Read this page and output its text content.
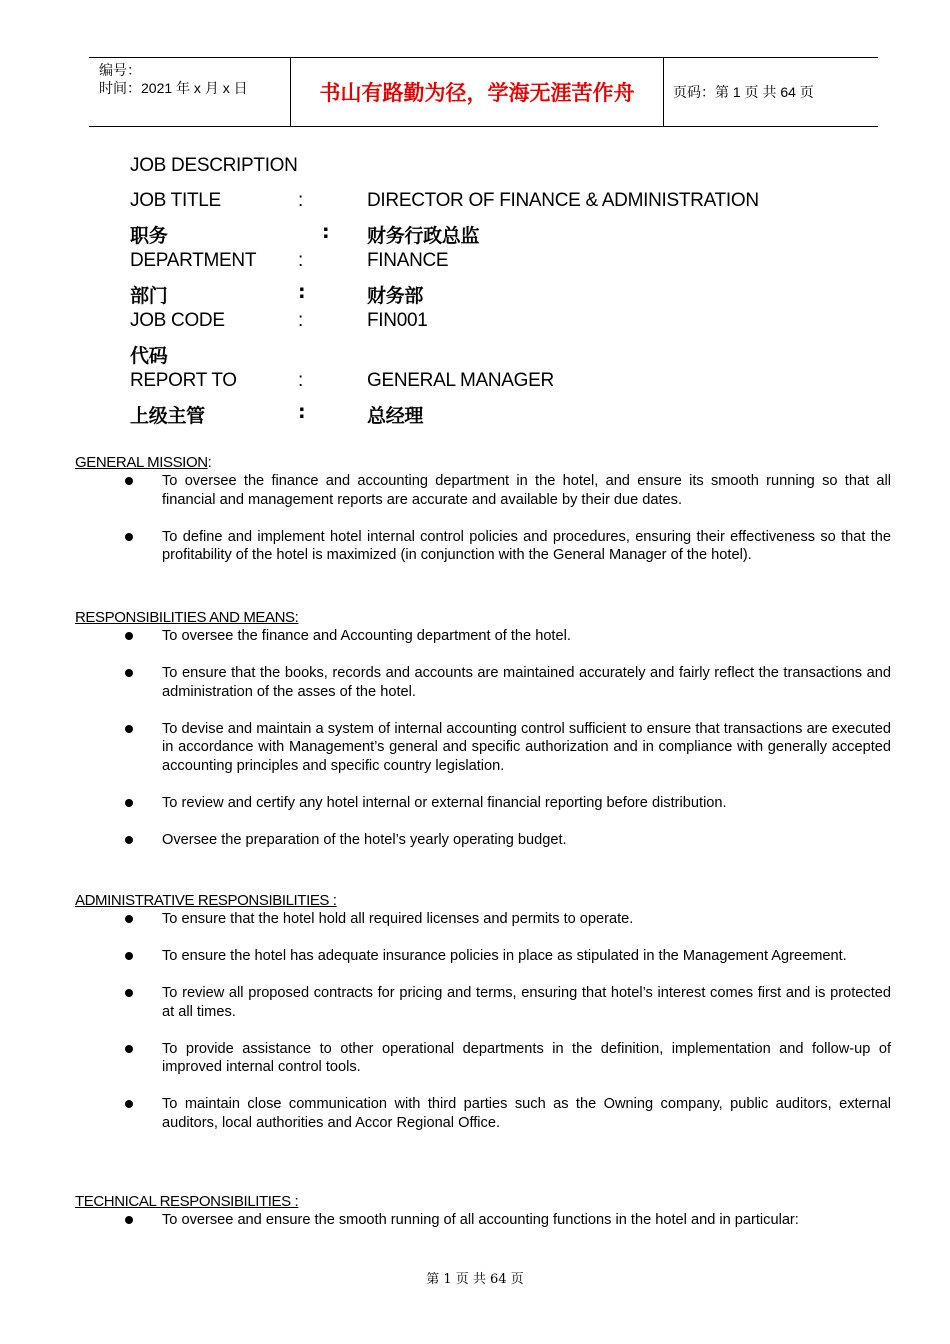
编号：
时间：2021 年 x 月 x 日	书山有路勤为径，学海无涯苦作舟	页码：第 1 页 共 64 页
JOB DESCRIPTION
JOB TITLE	:	DIRECTOR OF FINANCE & ADMINISTRATION
职务	: 财务行政总监
DEPARTMENT :	FINANCE
部门	:	财务部
JOB CODE	:	FIN001
代码
REPORT TO	:	GENERAL MANAGER
上级主管	:	总经理
GENERAL MISSION:
To oversee the finance and accounting department in the hotel, and ensure its smooth running so that all financial and management reports are accurate and available by their due dates.
To define and implement hotel internal control policies and procedures, ensuring their effectiveness so that the profitability of the hotel is maximized (in conjunction with the General Manager of the hotel).
RESPONSIBILITIES AND MEANS:
To oversee the finance and Accounting department of the hotel.
To ensure that the books, records and accounts are maintained accurately and fairly reflect the transactions and administration of the asses of the hotel.
To devise and maintain a system of internal accounting control sufficient to ensure that transactions are executed in accordance with Management’s general and specific authorization and in compliance with generally accepted accounting principles and specific country legislation.
To review and certify any hotel internal or external financial reporting before distribution.
Oversee the preparation of the hotel’s yearly operating budget.
ADMINISTRATIVE RESPONSIBILITIES :
To ensure that the hotel hold all required licenses and permits to operate.
To ensure the hotel has adequate insurance policies in place as stipulated in the Management Agreement.
To review all proposed contracts for pricing and terms, ensuring that hotel’s interest comes first and is protected at all times.
To provide assistance to other operational departments in the definition, implementation and follow-up of improved internal control tools.
To maintain close communication with third parties such as the Owning company, public auditors, external auditors, local authorities and Accor Regional Office.
TECHNICAL RESPONSIBILITIES :
To oversee and ensure the smooth running of all accounting functions in the hotel and in particular:
第 1 页 共 64 页
